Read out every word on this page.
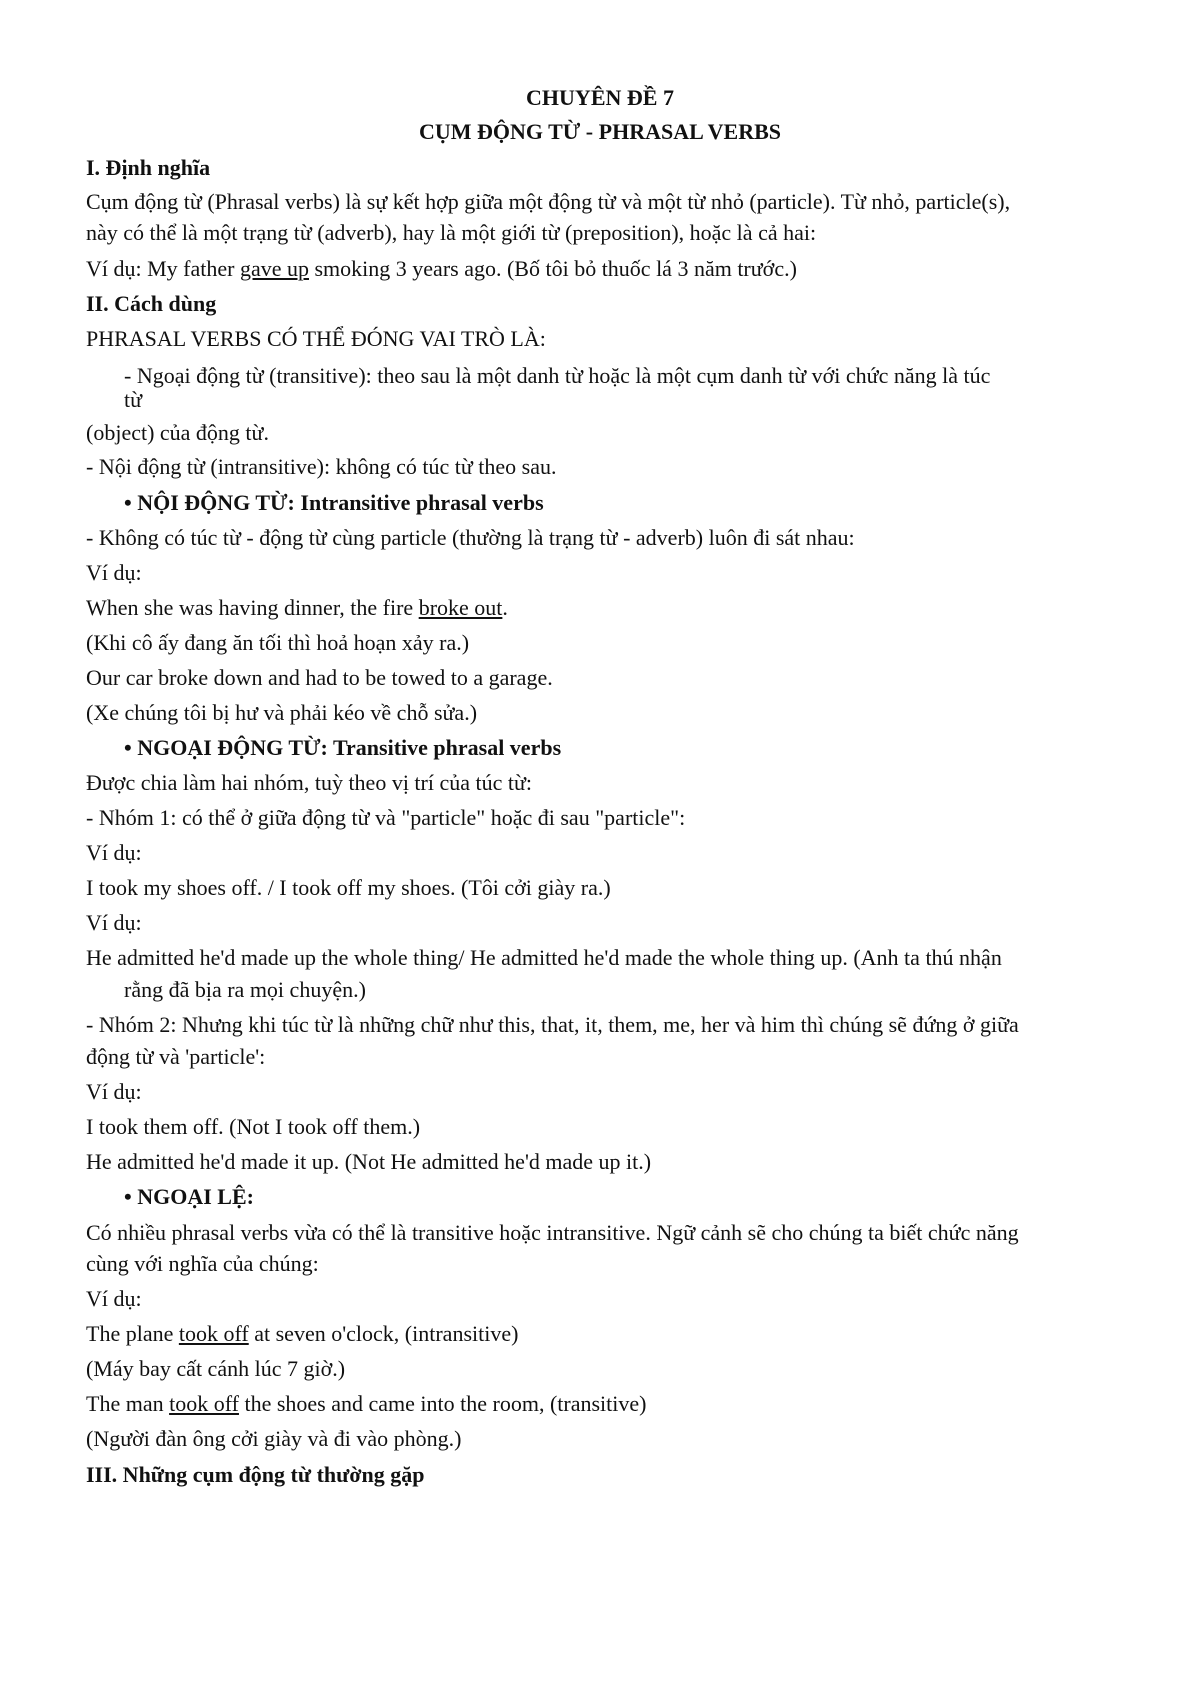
CHUYÊN ĐỀ 7
CỤM ĐỘNG TỪ - PHRASAL VERBS
I. Định nghĩa
Cụm động từ (Phrasal verbs) là sự kết hợp giữa một động từ và một từ nhỏ (particle). Từ nhỏ, particle(s),
này có thể là một trạng từ (adverb), hay là một giới từ (preposition), hoặc là cả hai:
Ví dụ: My father gave up smoking 3 years ago. (Bố tôi bỏ thuốc lá 3 năm trước.)
II. Cách dùng
PHRASAL VERBS CÓ THỂ ĐÓNG VAI TRÒ LÀ:
- Ngoại động từ (transitive): theo sau là một danh từ hoặc là một cụm danh từ với chức năng là túc
từ
(object) của động từ.
- Nội động từ (intransitive): không có túc từ theo sau.
• NỘI ĐỘNG TỪ: Intransitive phrasal verbs
- Không có túc từ - động từ cùng particle (thường là trạng từ - adverb) luôn đi sát nhau:
Ví dụ:
When she was having dinner, the fire broke out.
(Khi cô ấy đang ăn tối thì hoả hoạn xảy ra.)
Our car broke down and had to be towed to a garage.
(Xe chúng tôi bị hư và phải kéo về chỗ sửa.)
• NGOẠI ĐỘNG TỪ: Transitive phrasal verbs
Được chia làm hai nhóm, tuỳ theo vị trí của túc từ:
- Nhóm 1: có thể ở giữa động từ và "particle" hoặc đi sau "particle":
Ví dụ:
I took my shoes off. / I took off my shoes. (Tôi cởi giày ra.)
Ví dụ:
He admitted he'd made up the whole thing/ He admitted he'd made the whole thing up. (Anh ta thú nhận
rằng đã bịa ra mọi chuyện.)
- Nhóm 2: Nhưng khi túc từ là những chữ như this, that, it, them, me, her và him thì chúng sẽ đứng ở giữa
động từ và 'particle':
Ví dụ:
I took them off. (Not I took off them.)
He admitted he'd made it up. (Not He admitted he'd made up it.)
• NGOẠI LỆ:
Có nhiều phrasal verbs vừa có thể là transitive hoặc intransitive. Ngữ cảnh sẽ cho chúng ta biết chức năng
cùng với nghĩa của chúng:
Ví dụ:
The plane took off at seven o'clock, (intransitive)
(Máy bay cất cánh lúc 7 giờ.)
The man took off the shoes and came into the room, (transitive)
(Người đàn ông cởi giày và đi vào phòng.)
III. Những cụm động từ thường gặp
